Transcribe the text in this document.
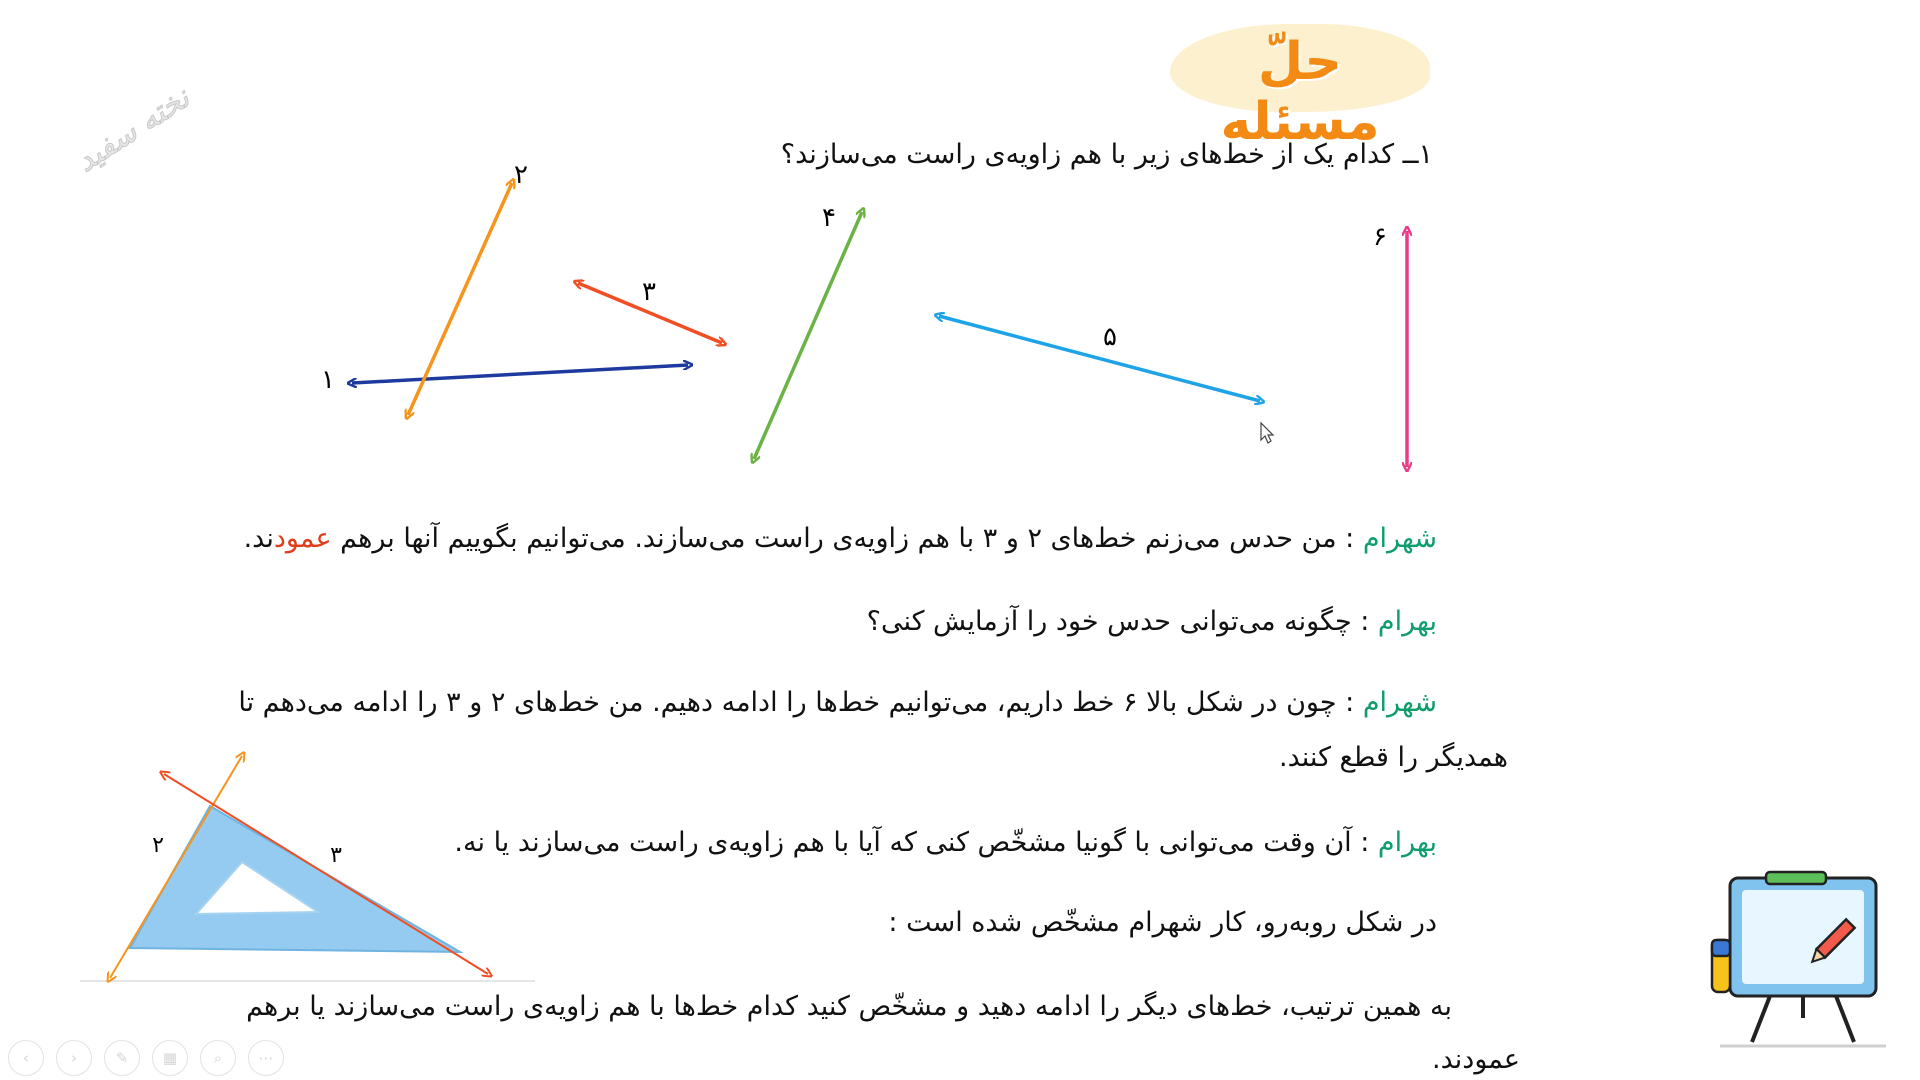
حلّ مسئله
نخته سفید	۱ــ کدام یک از خط‌های زیر با هم زاویه‌ی راست می‌سازند؟
۱
۲
۳
۴
۵
۶
شهرام : من حدس می‌زنم خط‌های ۲ و ۳ با هم زاویه‌ی راست می‌سازند. می‌توانیم بگوییم آنها برهم عمودند.
بهرام : چگونه می‌توانی حدس خود را آزمایش کنی؟
شهرام : چون در شکل بالا ۶ خط داریم، می‌توانیم خط‌ها را ادامه دهیم. من خط‌های ۲ و ۳ را ادامه می‌دهم تا
همدیگر را قطع کنند.
بهرام : آن وقت می‌توانی با گونیا مشخّص کنی که آیا با هم زاویه‌ی راست می‌سازند یا نه.
در شکل روبه‌رو، کار شهرام مشخّص شده است :
به همین ترتیب، خط‌های دیگر را ادامه دهید و مشخّص کنید کدام خط‌ها با هم زاویه‌ی راست می‌سازند یا برهم
عمودند.
۲	۳
‹	›	✎	▦	⌕	⋯
